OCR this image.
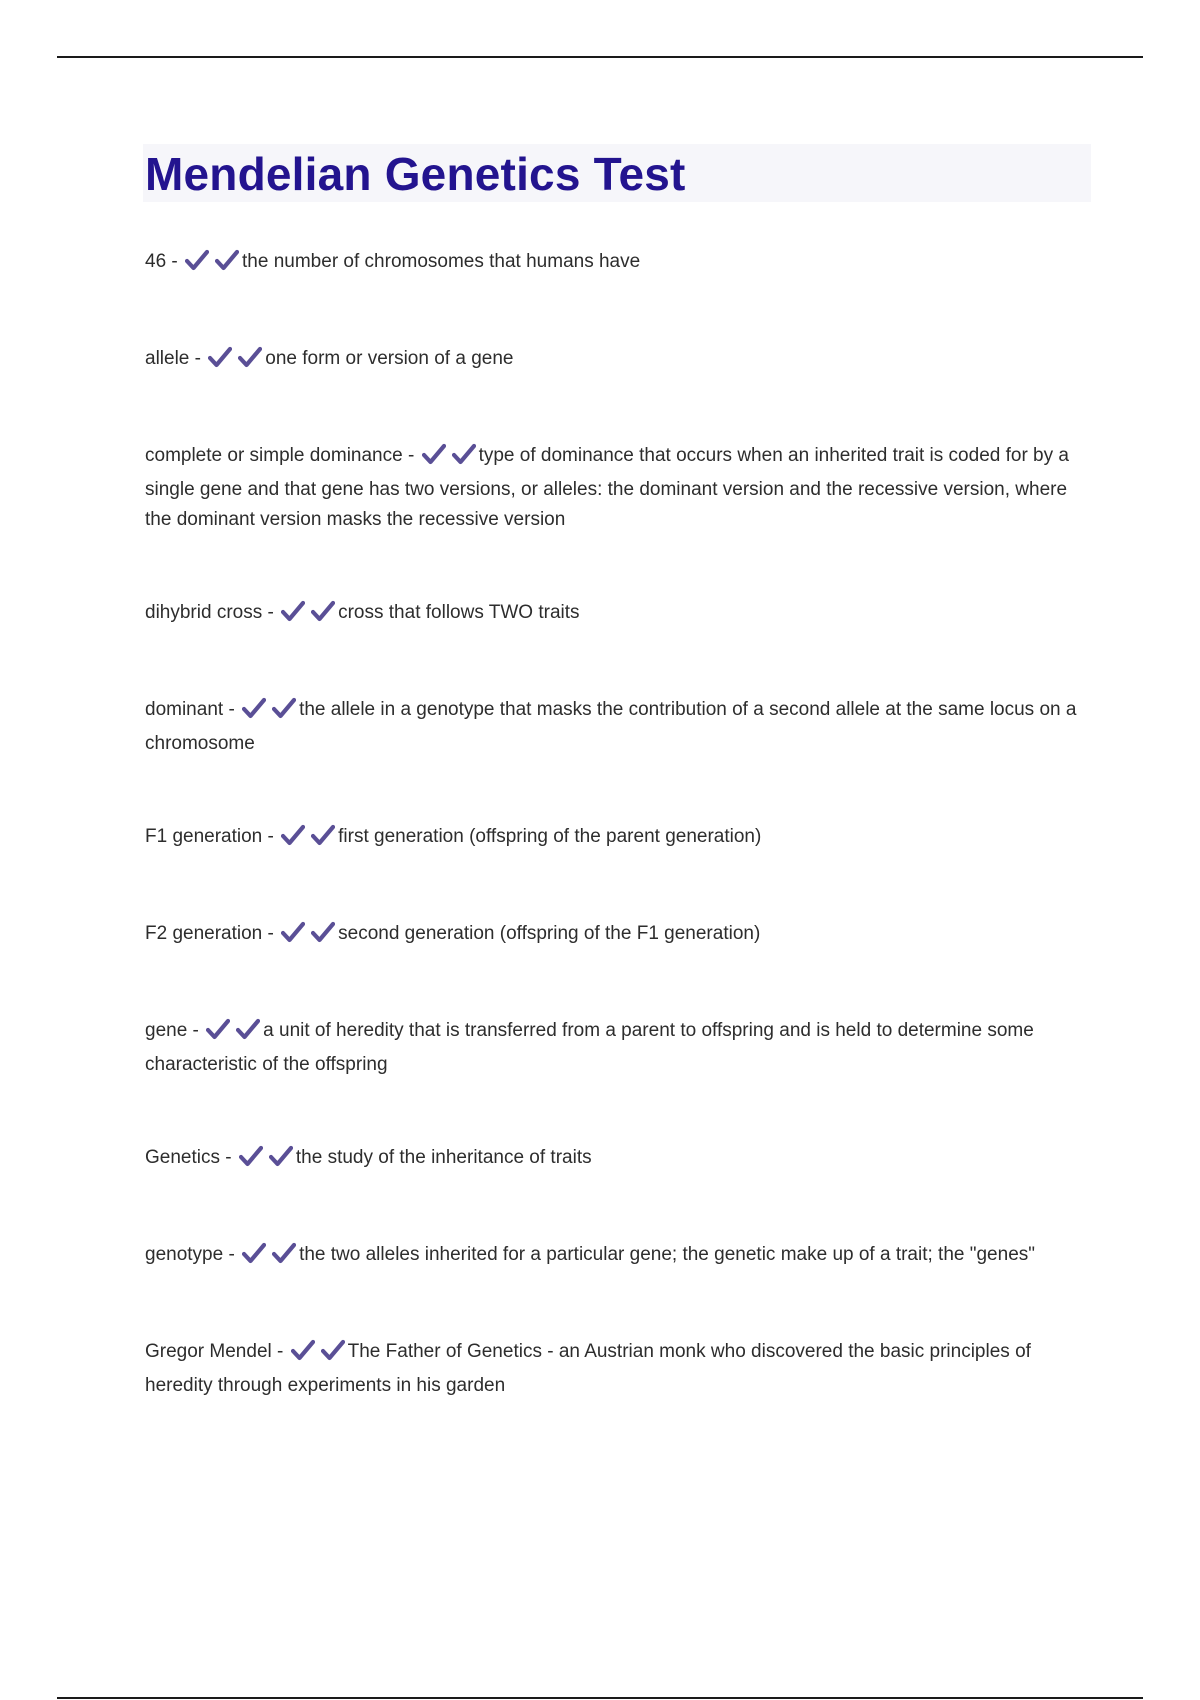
Mendelian Genetics Test

46 -	the number of chromosomes that humans have

allele -	one form or version of a gene

complete or simple dominance -	type of dominance that occurs when an inherited trait is coded for by a single gene and that gene has two versions, or alleles: the dominant version and the recessive version, where the dominant version masks the recessive version

dihybrid cross -	cross that follows TWO traits

dominant -	the allele in a genotype that masks the contribution of a second allele at the same locus on a chromosome

F1 generation -	first generation (offspring of the parent generation)

F2 generation -	second generation (offspring of the F1 generation)

gene -	a unit of heredity that is transferred from a parent to offspring and is held to determine some characteristic of the offspring

Genetics -	the study of the inheritance of traits

genotype -	the two alleles inherited for a particular gene; the genetic make up of a trait; the "genes"

Gregor Mendel -	The Father of Genetics - an Austrian monk who discovered the basic principles of heredity through experiments in his garden
